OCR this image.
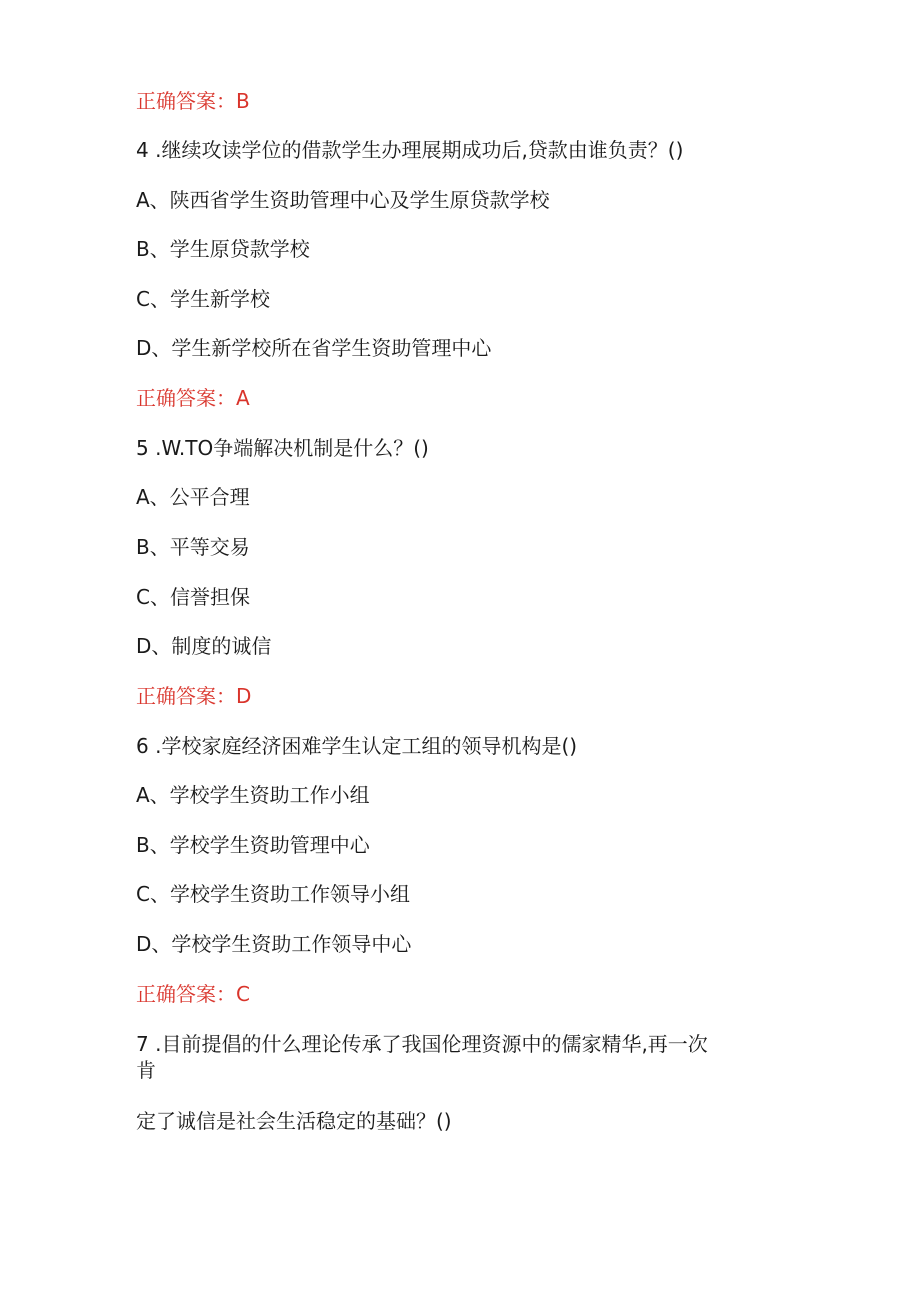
正确答案：B
4 .继续攻读学位的借款学生办理展期成功后,贷款由谁负责？()
A、陕西省学生资助管理中心及学生原贷款学校
B、学生原贷款学校
C、学生新学校
D、学生新学校所在省学生资助管理中心
正确答案：A
5 .W.TO争端解决机制是什么？()
A、公平合理
B、平等交易
C、信誉担保
D、制度的诚信
正确答案：D
6 .学校家庭经济困难学生认定工组的领导机构是()
A、学校学生资助工作小组
B、学校学生资助管理中心
C、学校学生资助工作领导小组
D、学校学生资助工作领导中心
正确答案：C
7 .目前提倡的什么理论传承了我国伦理资源中的儒家精华,再一次
肯
定了诚信是社会生活稳定的基础？()
